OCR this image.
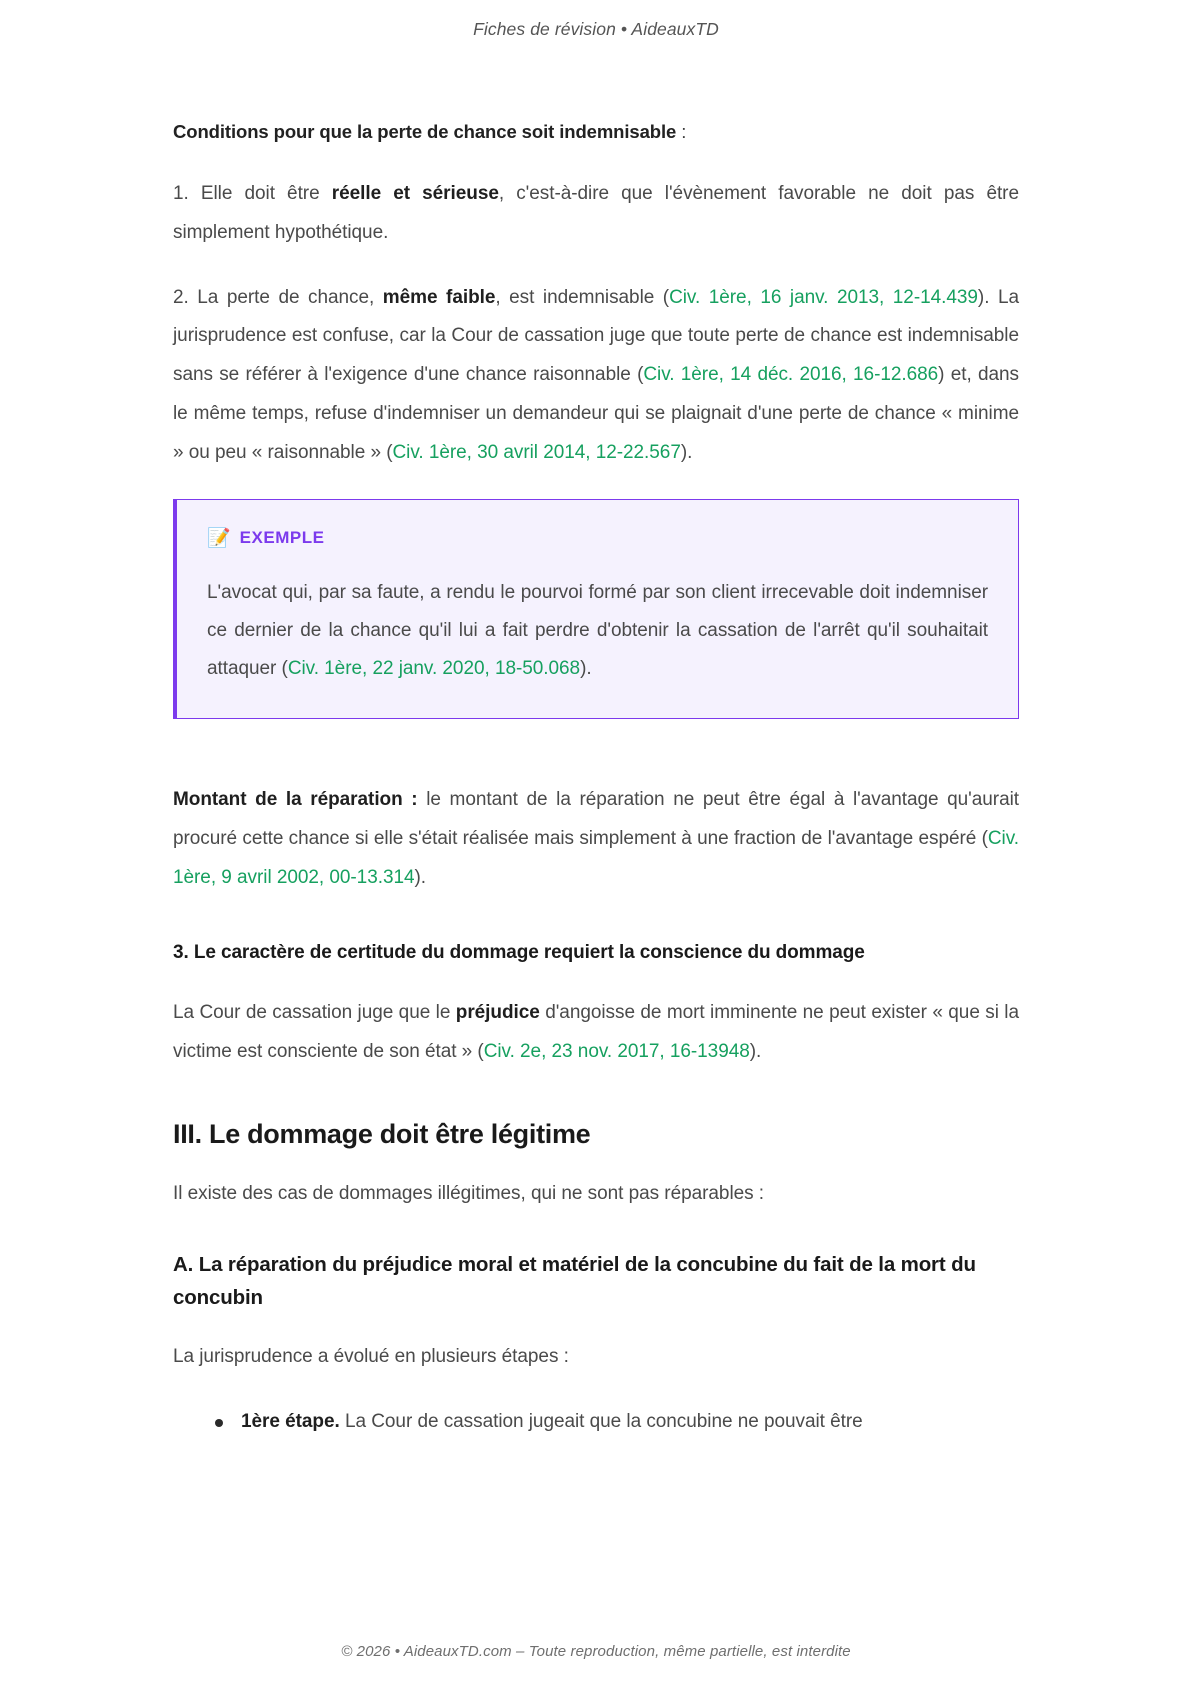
Fiches de révision • AideauxTD

Conditions pour que la perte de chance soit indemnisable :

1. Elle doit être réelle et sérieuse, c'est-à-dire que l'évènement favorable ne doit pas être simplement hypothétique.

2. La perte de chance, même faible, est indemnisable (Civ. 1ère, 16 janv. 2013, 12-14.439). La jurisprudence est confuse, car la Cour de cassation juge que toute perte de chance est indemnisable sans se référer à l'exigence d'une chance raisonnable (Civ. 1ère, 14 déc. 2016, 16-12.686) et, dans le même temps, refuse d'indemniser un demandeur qui se plaignait d'une perte de chance « minime » ou peu « raisonnable » (Civ. 1ère, 30 avril 2014, 12-22.567).

📝 EXEMPLE

L'avocat qui, par sa faute, a rendu le pourvoi formé par son client irrecevable doit indemniser ce dernier de la chance qu'il lui a fait perdre d'obtenir la cassation de l'arrêt qu'il souhaitait attaquer (Civ. 1ère, 22 janv. 2020, 18-50.068).

Montant de la réparation : le montant de la réparation ne peut être égal à l'avantage qu'aurait procuré cette chance si elle s'était réalisée mais simplement à une fraction de l'avantage espéré (Civ. 1ère, 9 avril 2002, 00-13.314).

3. Le caractère de certitude du dommage requiert la conscience du dommage

La Cour de cassation juge que le préjudice d'angoisse de mort imminente ne peut exister « que si la victime est consciente de son état » (Civ. 2e, 23 nov. 2017, 16-13948).

III. Le dommage doit être légitime

Il existe des cas de dommages illégitimes, qui ne sont pas réparables :

A. La réparation du préjudice moral et matériel de la concubine du fait de la mort du concubin

La jurisprudence a évolué en plusieurs étapes :

1ère étape. La Cour de cassation jugeait que la concubine ne pouvait être
© 2026 • AideauxTD.com – Toute reproduction, même partielle, est interdite
